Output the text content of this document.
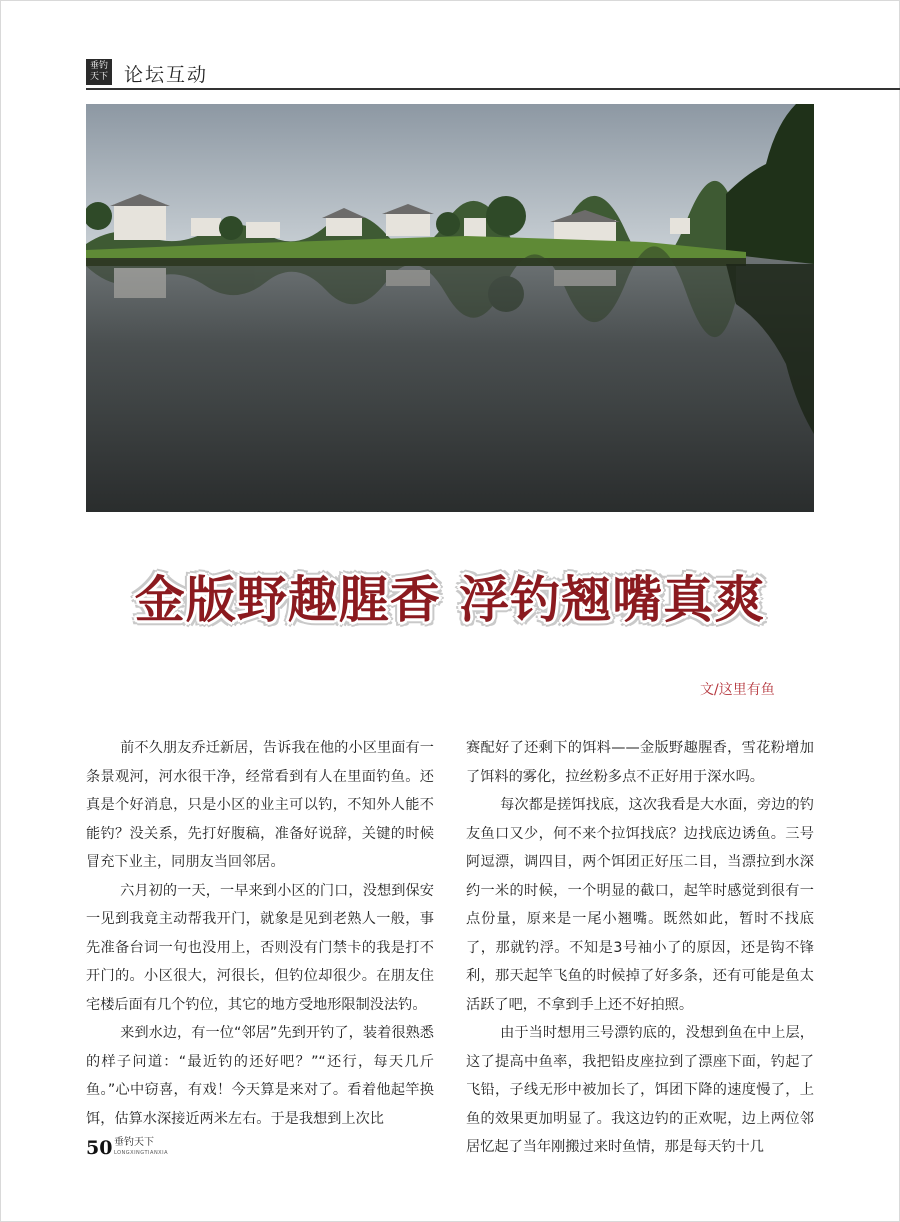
垂钓天下 论坛互动
金版野趣腥香 浮钓翘嘴真爽
文/这里有鱼

前不久朋友乔迁新居，告诉我在他的小区里面有一条景观河，河水很干净，经常看到有人在里面钓鱼。还真是个好消息，只是小区的业主可以钓，不知外人能不能钓？没关系，先打好腹稿，准备好说辞，关键的时候冒充下业主，同朋友当回邻居。

六月初的一天，一早来到小区的门口，没想到保安一见到我竟主动帮我开门，就象是见到老熟人一般，事先准备台词一句也没用上，否则没有门禁卡的我是打不开门的。小区很大，河很长，但钓位却很少。在朋友住宅楼后面有几个钓位，其它的地方受地形限制没法钓。

来到水边，有一位“邻居”先到开钓了，装着很熟悉的样子问道：“最近钓的还好吧？”“还行，每天几斤鱼。”心中窃喜，有戏！今天算是来对了。看着他起竿换饵，估算水深接近两米左右。于是我想到上次比

赛配好了还剩下的饵料——金版野趣腥香，雪花粉增加了饵料的雾化，拉丝粉多点不正好用于深水吗。

每次都是搓饵找底，这次我看是大水面，旁边的钓友鱼口又少，何不来个拉饵找底？边找底边诱鱼。三号阿逗漂，调四目，两个饵团正好压二目，当漂拉到水深约一米的时候，一个明显的截口，起竿时感觉到很有一点份量，原来是一尾小翘嘴。既然如此，暂时不找底了，那就钓浮。不知是3号袖小了的原因，还是钩不锋利，那天起竿飞鱼的时候掉了好多条，还有可能是鱼太活跃了吧，不拿到手上还不好拍照。

由于当时想用三号漂钓底的，没想到鱼在中上层，这了提高中鱼率，我把铅皮座拉到了漂座下面，钓起了飞铅，子线无形中被加长了，饵团下降的速度慢了，上鱼的效果更加明显了。我这边钓的正欢呢，边上两位邻居忆起了当年刚搬过来时鱼情，那是每天钓十几

50 垂钓天下
LONGXINGTIANXIA
